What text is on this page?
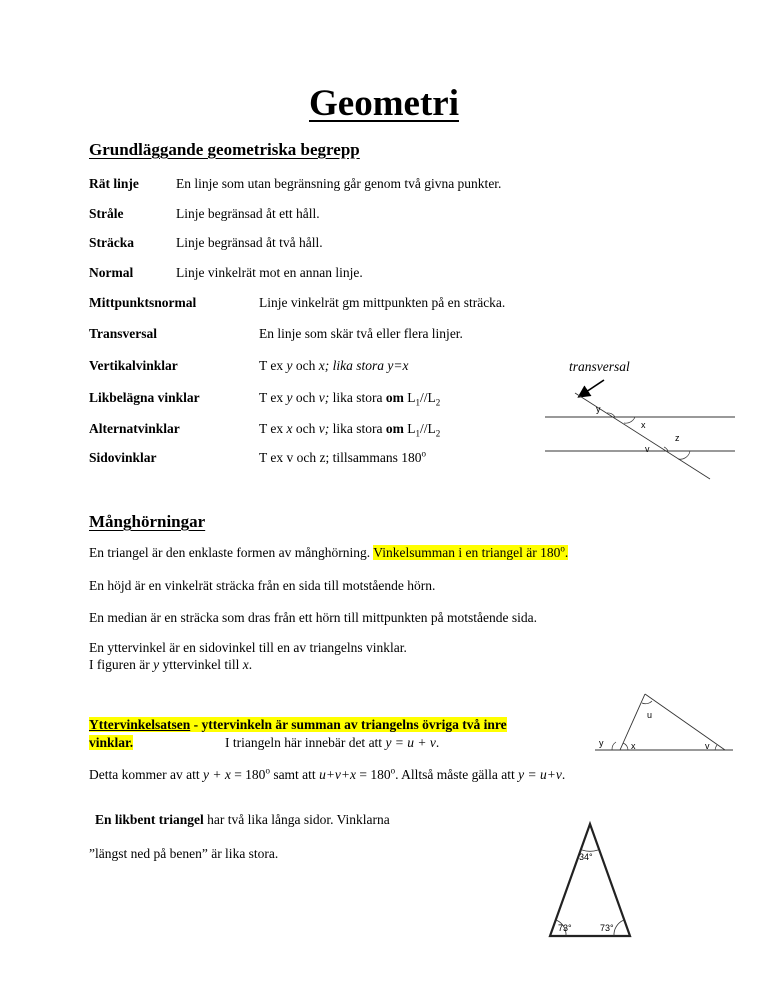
Geometri
Grundläggande geometriska begrepp
Rät linje	En linje som utan begränsning går genom två givna punkter.
Stråle	Linje begränsad åt ett håll.
Sträcka	Linje begränsad åt två håll.
Normal	Linje vinkelrät mot en annan linje.
Mittpunktsnormal	Linje vinkelrät gm mittpunkten på en sträcka.
Transversal	En linje som skär två eller flera linjer.
Vertikalvinklar	T ex y och x; lika stora y=x
Likbelägna vinklar	T ex y och v; lika stora om $L_1//L_2$
Alternatvinklar	T ex x och v; lika stora om $L_1//L_2$
Sidovinklar	T ex v och z; tillsammans 180$^o$
transversal
y
x
z
v
Månghörningar
En triangel är den enklaste formen av månghörning. Vinkelsumman i en triangel är 180$^o$.
En höjd är en vinkelrät sträcka från en sida till motstående hörn.
En median är en sträcka som dras från ett hörn till mittpunkten på motstående sida.
En yttervinkel är en sidovinkel till en av triangelns vinklar.
I figuren är y yttervinkel till x.
Yttervinkelsatsen - yttervinkeln är summan av triangelns övriga två inre
vinklar.	I triangeln här innebär det att y = u + v.
u
y	x	v
Detta kommer av att $y + x = 180^o$ samt att $u+v+x = 180^o$. Alltså måste gälla att y = u+v.
En likbent triangel har två lika långa sidor. Vinklarna
”längst ned på benen” är lika stora.	34°
73°	73°
